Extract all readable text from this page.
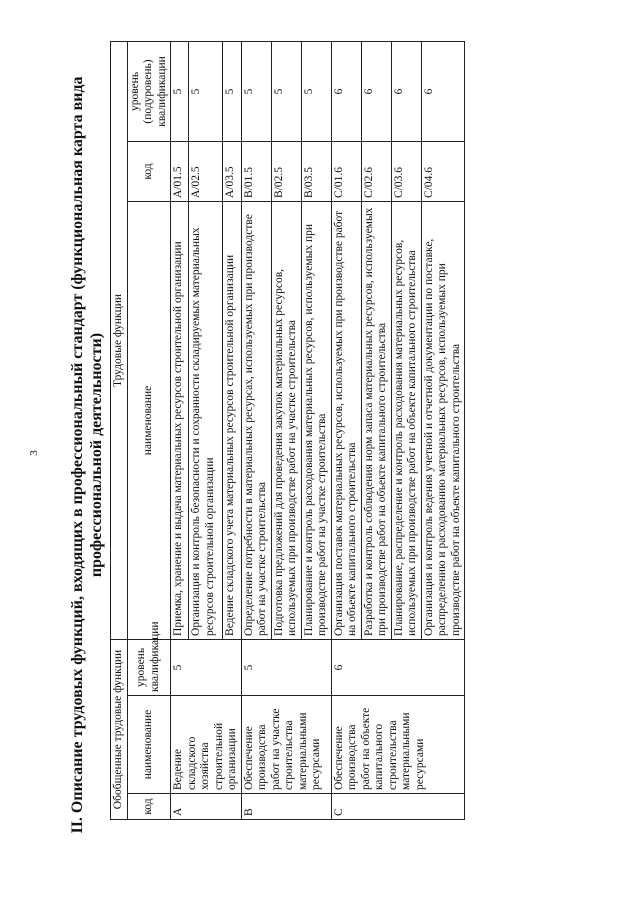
3 II. Описание трудовых функций, входящих в профессиональный стандарт (функциональная карта вида профессиональной деятельности)
Обобщенные трудовые функции			Трудовые функции		
код	наименование	уровень квалификации	наименование	код	уровень (подуровень) квалификации
A	Ведение складского хозяйства строительной организации	5	Приемка, хранение и выдача материальных ресурсов строительной организации	A/01.5	5
			Организация и контроль безопасности и сохранности складируемых материальных ресурсов строительной организации	A/02.5	5
			Ведение складского учета материальных ресурсов строительной организации	A/03.5	5
B	Обеспечение производства работ на участке строительства материальными ресурсами	5	Определение потребности в материальных ресурсах, используемых при производстве работ на участке строительства	B/01.5	5
			Подготовка предложений для проведения закупок материальных ресурсов, используемых при производстве работ на участке строительства	B/02.5	5
			Планирование и контроль расходования материальных ресурсов, используемых при производстве работ на участке строительства	B/03.5	5
C	Обеспечение производства работ на объекте капитального строительства материальными ресурсами	6	Организация поставок материальных ресурсов, используемых при производстве работ на объекте капитального строительства	C/01.6	6
			Разработка и контроль соблюдения норм запаса материальных ресурсов, используемых при производстве работ на объекте капитального строительства	C/02.6	6
			Планирование, распределение и контроль расходования материальных ресурсов, используемых при производстве работ на объекте капитального строительства	C/03.6	6
			Организация и контроль ведения учетной и отчетной документации по поставке, распределению и расходованию материальных ресурсов, используемых при производстве работ на объекте капитального строительства	C/04.6	6
